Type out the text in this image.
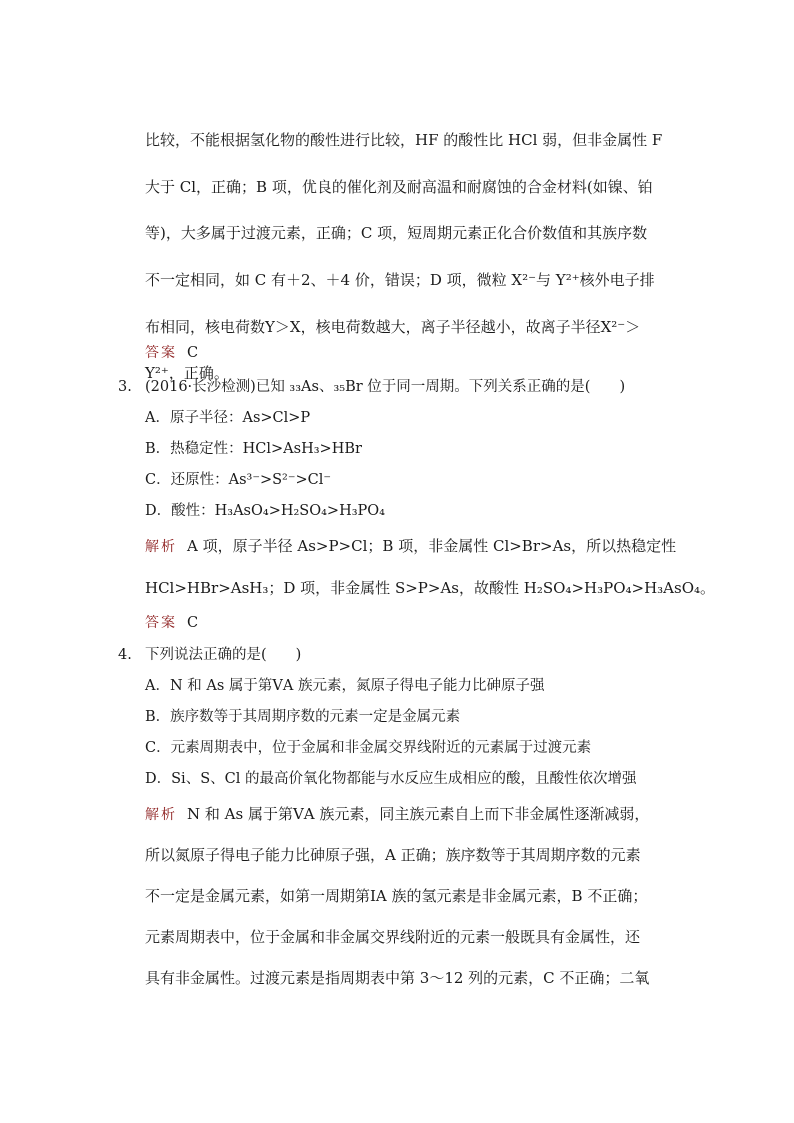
比较，不能根据氢化物的酸性进行比较，HF 的酸性比 HCl 弱，但非金属性 F
大于 Cl，正确；B 项，优良的催化剂及耐高温和耐腐蚀的合金材料(如镍、铂
等)，大多属于过渡元素，正确；C 项，短周期元素正化合价数值和其族序数
不一定相同，如 C 有＋2、＋4 价，错误；D 项，微粒 X²⁻与 Y²⁺核外电子排
布相同，核电荷数Y＞X，核电荷数越大，离子半径越小，故离子半径X²⁻＞
Y²⁺，正确。
答案 C
3. (2016·长沙检测)已知 ₃₃As、₃₅Br 位于同一周期。下列关系正确的是(　　)
A．原子半径：As>Cl>P
B．热稳定性：HCl>AsH₃>HBr
C．还原性：As³⁻>S²⁻>Cl⁻
D．酸性：H₃AsO₄>H₂SO₄>H₃PO₄
解析 A 项，原子半径 As>P>Cl；B 项，非金属性 Cl>Br>As，所以热稳定性
HCl>HBr>AsH₃；D 项，非金属性 S>P>As，故酸性 H₂SO₄>H₃PO₄>H₃AsO₄。
答案 C
4. 下列说法正确的是(　　)
A．N 和 As 属于第ⅤA 族元素，氮原子得电子能力比砷原子强
B．族序数等于其周期序数的元素一定是金属元素
C．元素周期表中，位于金属和非金属交界线附近的元素属于过渡元素
D．Si、S、Cl 的最高价氧化物都能与水反应生成相应的酸，且酸性依次增强
解析 N 和 As 属于第ⅤA 族元素，同主族元素自上而下非金属性逐渐减弱，
所以氮原子得电子能力比砷原子强，A 正确；族序数等于其周期序数的元素
不一定是金属元素，如第一周期第ⅠA 族的氢元素是非金属元素，B 不正确；
元素周期表中，位于金属和非金属交界线附近的元素一般既具有金属性，还
具有非金属性。过渡元素是指周期表中第 3～12 列的元素，C 不正确；二氧
